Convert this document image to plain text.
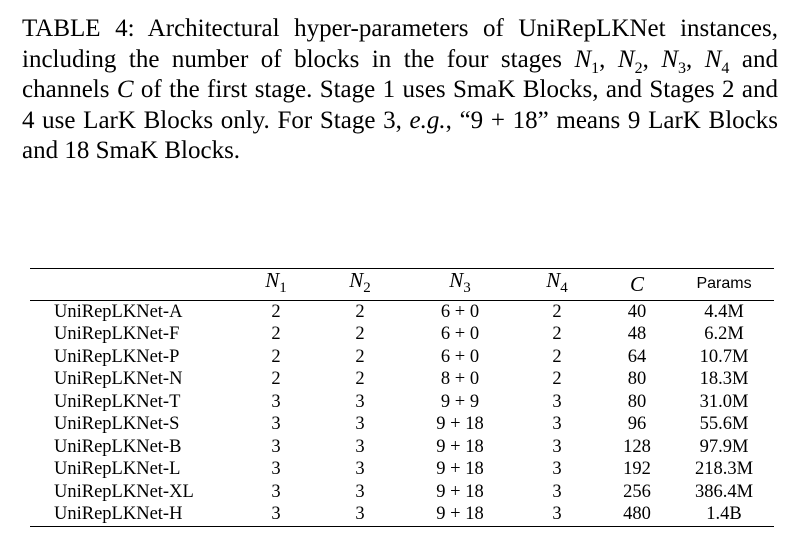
TABLE 4: Architectural hyper-parameters of UniRepLKNet instances, including the number of blocks in the four stages $N_1$, $N_2$, $N_3$, $N_4$ and channels C of the first stage. Stage 1 uses SmaK Blocks, and Stages 2 and 4 use LarK Blocks only. For Stage 3, e.g., “9 + 18” means 9 LarK Blocks and 18 SmaK Blocks.
	$N_1$	$N_2$	$N_3$	$N_4$	C	Params
UniRepLKNet-A	2	2	6 + 0	2	40	4.4M
UniRepLKNet-F	2	2	6 + 0	2	48	6.2M
UniRepLKNet-P	2	2	6 + 0	2	64	10.7M
UniRepLKNet-N	2	2	8 + 0	2	80	18.3M
UniRepLKNet-T	3	3	9 + 9	3	80	31.0M
UniRepLKNet-S	3	3	9 + 18	3	96	55.6M
UniRepLKNet-B	3	3	9 + 18	3	128	97.9M
UniRepLKNet-L	3	3	9 + 18	3	192	218.3M
UniRepLKNet-XL	3	3	9 + 18	3	256	386.4M
UniRepLKNet-H	3	3	9 + 18	3	480	1.4B
